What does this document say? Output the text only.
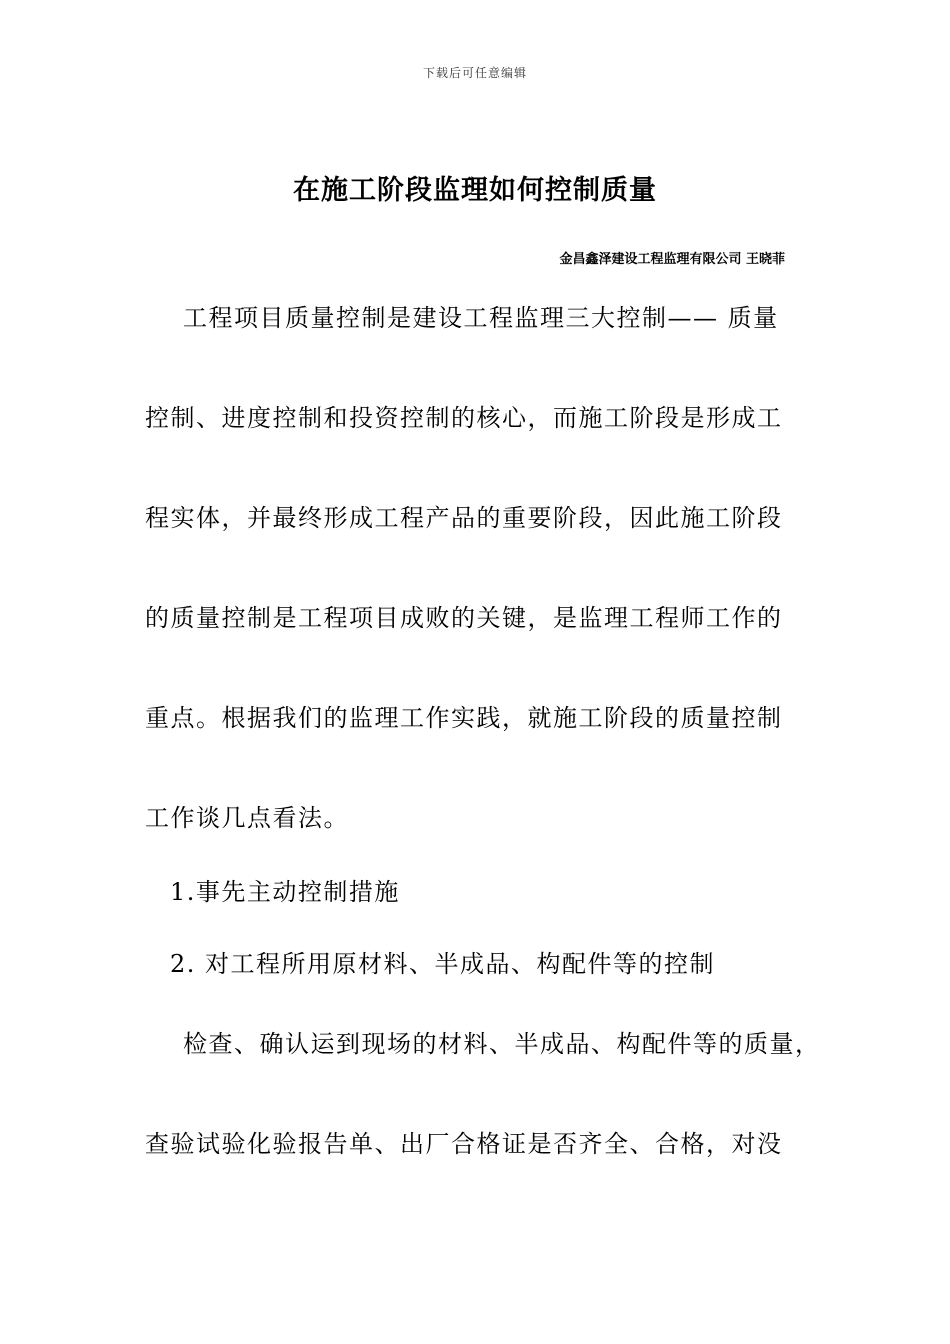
下载后可任意编辑
在施工阶段监理如何控制质量
金昌鑫泽建设工程监理有限公司 王晓菲
工程项目质量控制是建设工程监理三大控制—— 质量
控制、进度控制和投资控制的核心，而施工阶段是形成工
程实体，并最终形成工程产品的重要阶段，因此施工阶段
的质量控制是工程项目成败的关键，是监理工程师工作的
重点。根据我们的监理工作实践，就施工阶段的质量控制
工作谈几点看法。
1.事先主动控制措施
2. 对工程所用原材料、半成品、构配件等的控制
检查、确认运到现场的材料、半成品、构配件等的质量，
查验试验化验报告单、出厂合格证是否齐全、合格，对没
